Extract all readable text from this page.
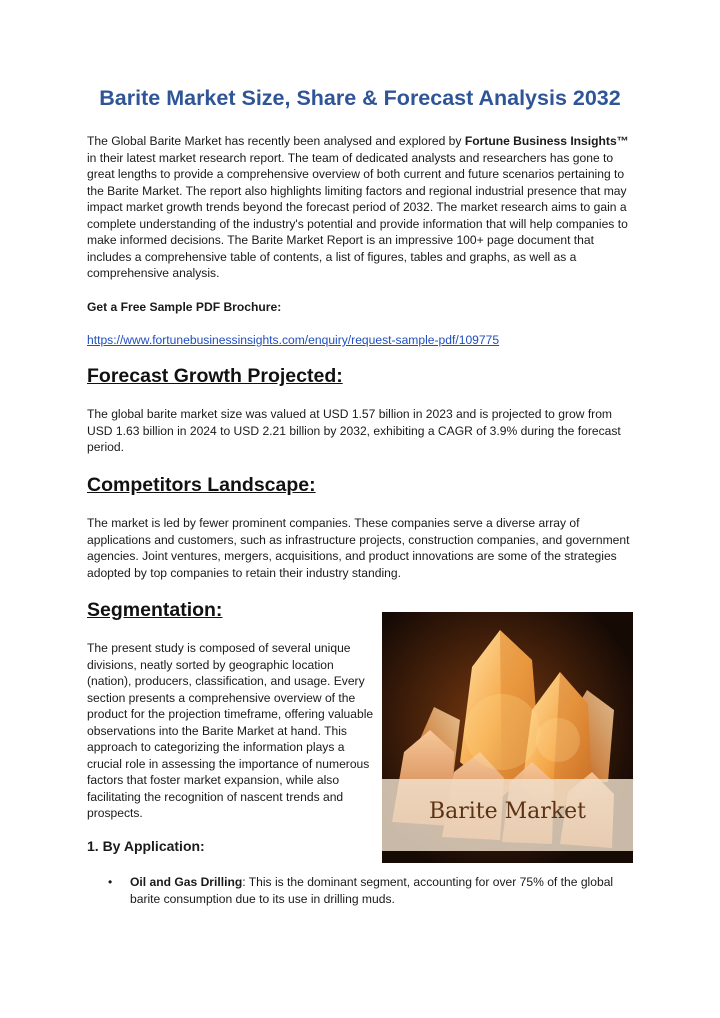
Barite Market Size, Share & Forecast Analysis 2032

The Global Barite Market has recently been analysed and explored by Fortune Business Insights™ in their latest market research report. The team of dedicated analysts and researchers has gone to great lengths to provide a comprehensive overview of both current and future scenarios pertaining to the Barite Market. The report also highlights limiting factors and regional industrial presence that may impact market growth trends beyond the forecast period of 2032. The market research aims to gain a complete understanding of the industry's potential and provide information that will help companies to make informed decisions. The Barite Market Report is an impressive 100+ page document that includes a comprehensive table of contents, a list of figures, tables and graphs, as well as a comprehensive analysis.

Get a Free Sample PDF Brochure:

https://www.fortunebusinessinsights.com/enquiry/request-sample-pdf/109775
Forecast Growth Projected:

The global barite market size was valued at USD 1.57 billion in 2023 and is projected to grow from USD 1.63 billion in 2024 to USD 2.21 billion by 2032, exhibiting a CAGR of 3.9% during the forecast period.

Competitors Landscape:

The market is led by fewer prominent companies. These companies serve a diverse array of applications and customers, such as infrastructure projects, construction companies, and government agencies. Joint ventures, mergers, acquisitions, and product innovations are some of the strategies adopted by top companies to retain their industry standing.

Segmentation:

The present study is composed of several unique divisions, neatly sorted by geographic location (nation), producers, classification, and usage. Every section presents a comprehensive overview of the product for the projection timeframe, offering valuable observations into the Barite Market at hand. This approach to categorizing the information plays a crucial role in assessing the importance of numerous factors that foster market expansion, while also facilitating the recognition of nascent trends and prospects.	Barite Market
1. By Application:
• Oil and Gas Drilling: This is the dominant segment, accounting for over 75% of the global barite consumption due to its use in drilling muds.
